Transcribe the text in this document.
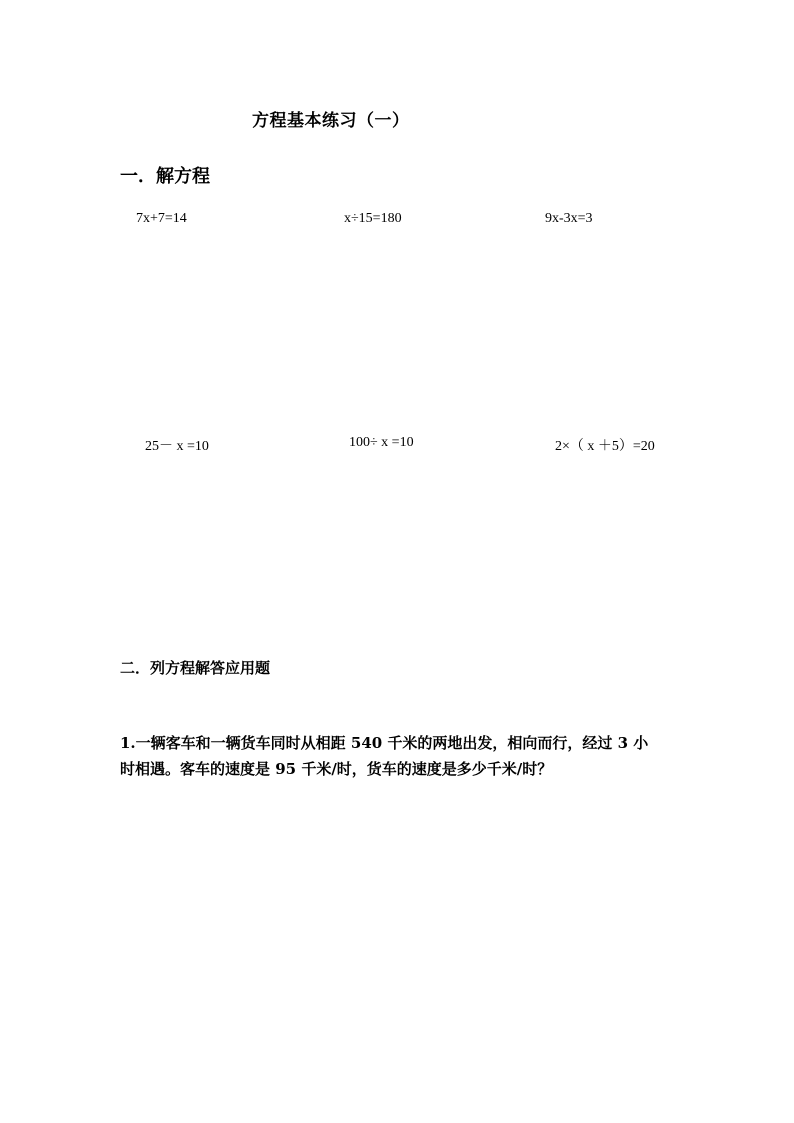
方程基本练习（一）
一．解方程
7x+7=14	x÷15=180	9x-3x=3
25－ x =10	100÷ x =10	2×（ x ＋5）=20
二．列方程解答应用题
1.一辆客车和一辆货车同时从相距 540 千米的两地出发，相向而行，经过 3 小
时相遇。客车的速度是 95 千米/时，货车的速度是多少千米/时？
